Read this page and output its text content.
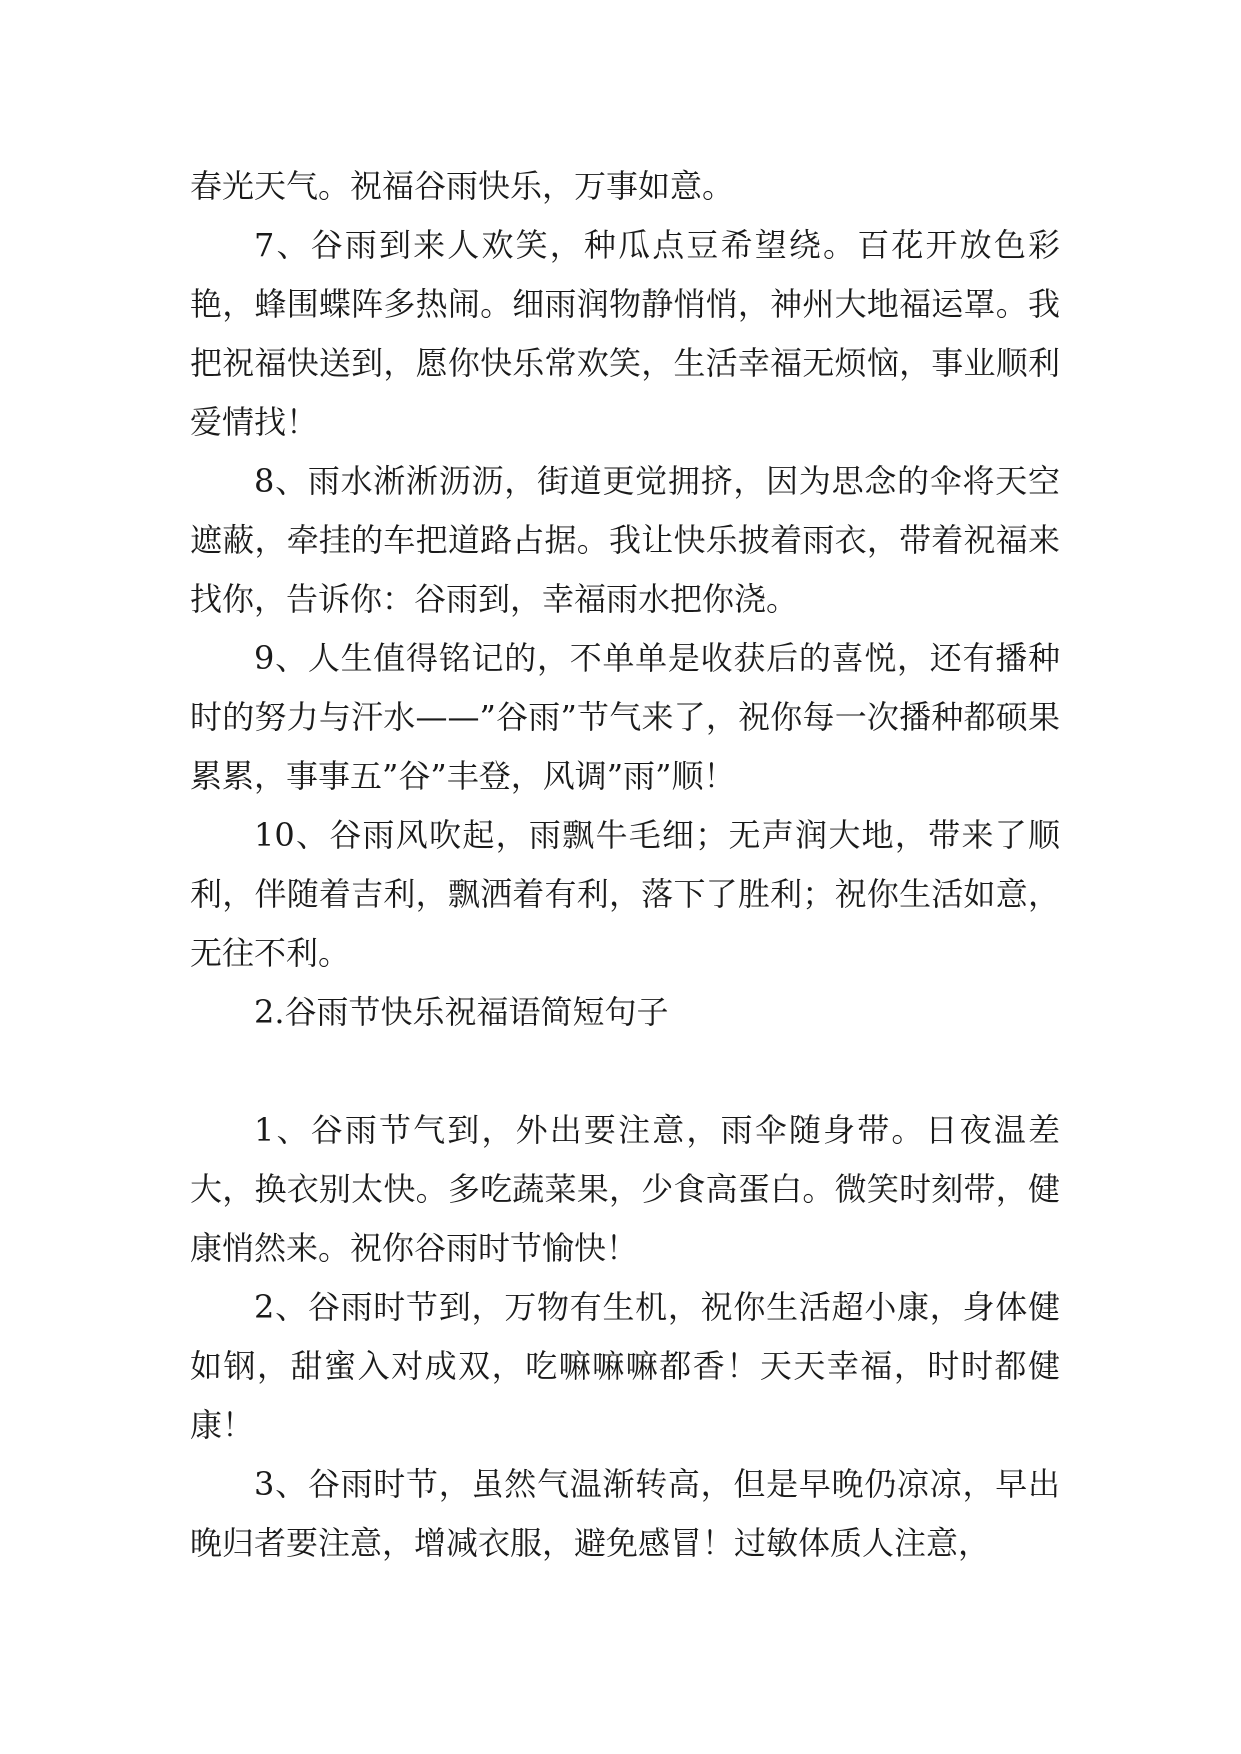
春光天气。祝福谷雨快乐，万事如意。

7、谷雨到来人欢笑，种瓜点豆希望绕。百花开放色彩艳，蜂围蝶阵多热闹。细雨润物静悄悄，神州大地福运罩。我把祝福快送到，愿你快乐常欢笑，生活幸福无烦恼，事业顺利爱情找！

8、雨水淅淅沥沥，街道更觉拥挤，因为思念的伞将天空遮蔽，牵挂的车把道路占据。我让快乐披着雨衣，带着祝福来找你，告诉你：谷雨到，幸福雨水把你浇。

9、人生值得铭记的，不单单是收获后的喜悦，还有播种时的努力与汗水——”谷雨”节气来了，祝你每一次播种都硕果累累，事事五”谷”丰登，风调”雨”顺！

10、谷雨风吹起，雨飘牛毛细；无声润大地，带来了顺利，伴随着吉利，飘洒着有利，落下了胜利；祝你生活如意，无往不利。

2.谷雨节快乐祝福语简短句子

1、谷雨节气到，外出要注意，雨伞随身带。日夜温差大，换衣别太快。多吃蔬菜果，少食高蛋白。微笑时刻带，健康悄然来。祝你谷雨时节愉快！

2、谷雨时节到，万物有生机，祝你生活超小康，身体健如钢，甜蜜入对成双，吃嘛嘛嘛都香！天天幸福，时时都健康！

3、谷雨时节，虽然气温渐转高，但是早晚仍凉凉，早出晚归者要注意，增减衣服，避免感冒！过敏体质人注意，
